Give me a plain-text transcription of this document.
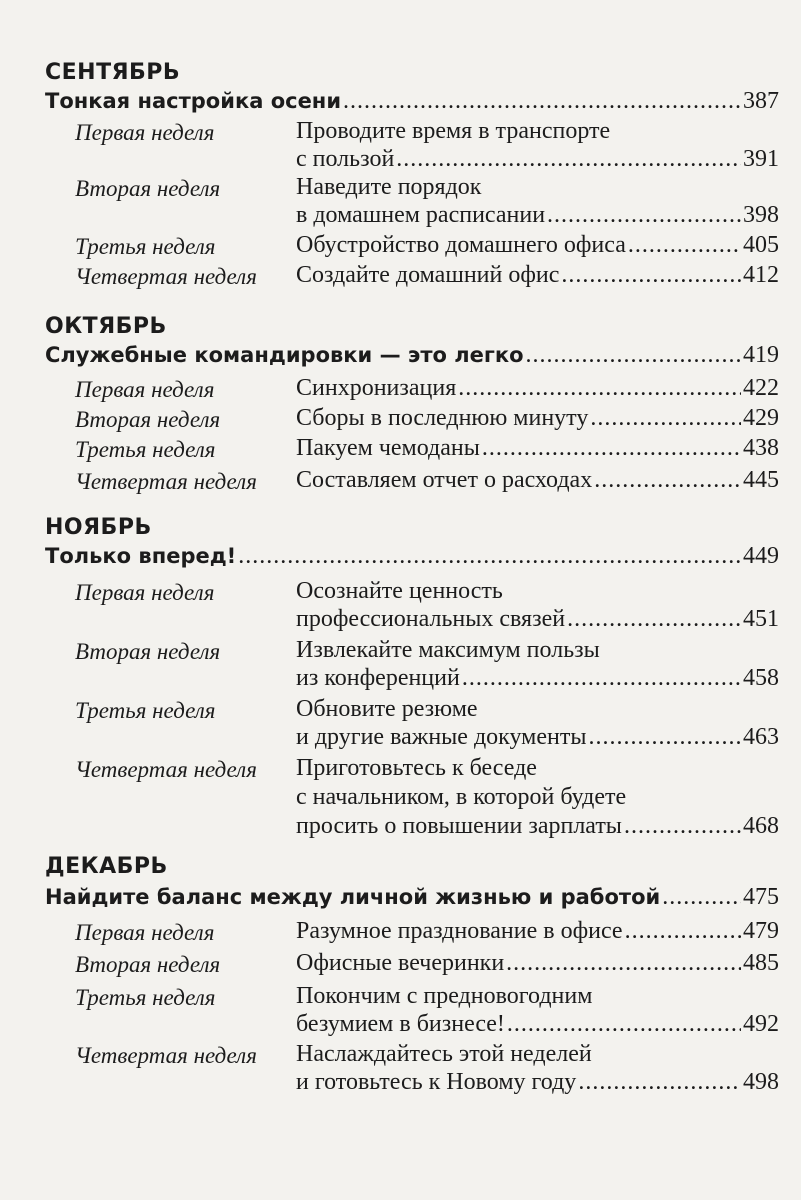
СЕНТЯБРЬ
Тонкая настройка осени .....	387
Первая неделя	Проводите время в транспорте
с пользой .....	391
Вторая неделя	Наведите порядок
в домашнем расписании .....	398
Третья неделя	Обустройство домашнего офиса .....	405
Четвертая неделя Создайте домашний офис .....	412
ОКТЯБРЬ
Служебные командировки — это легко .....	419
Первая неделя	Синхронизация .....	422
Вторая неделя	Сборы в последнюю минуту .....	429
Третья неделя	Пакуем чемоданы .....	438
Четвертая неделя Составляем отчет о расходах .....	445
НОЯБРЬ
Только вперед! .....	449
Первая неделя	Осознайте ценность
профессиональных связей .....	451
Вторая неделя	Извлекайте максимум пользы
из конференций .....	458
Третья неделя	Обновите резюме
и другие важные документы .....	463
Четвертая неделя Приготовьтесь к беседе
с начальником, в которой будете
просить о повышении зарплаты .....	468
ДЕКАБРЬ
Найдите баланс между личной жизнью и работой .....	475
Первая неделя	Разумное празднование в офисе .....	479
Вторая неделя	Офисные вечеринки .....	485
Третья неделя	Покончим с предновогодним
безумием в бизнесе! .....	492
Четвертая неделя Наслаждайтесь этой неделей
и готовьтесь к Новому году .....	498
